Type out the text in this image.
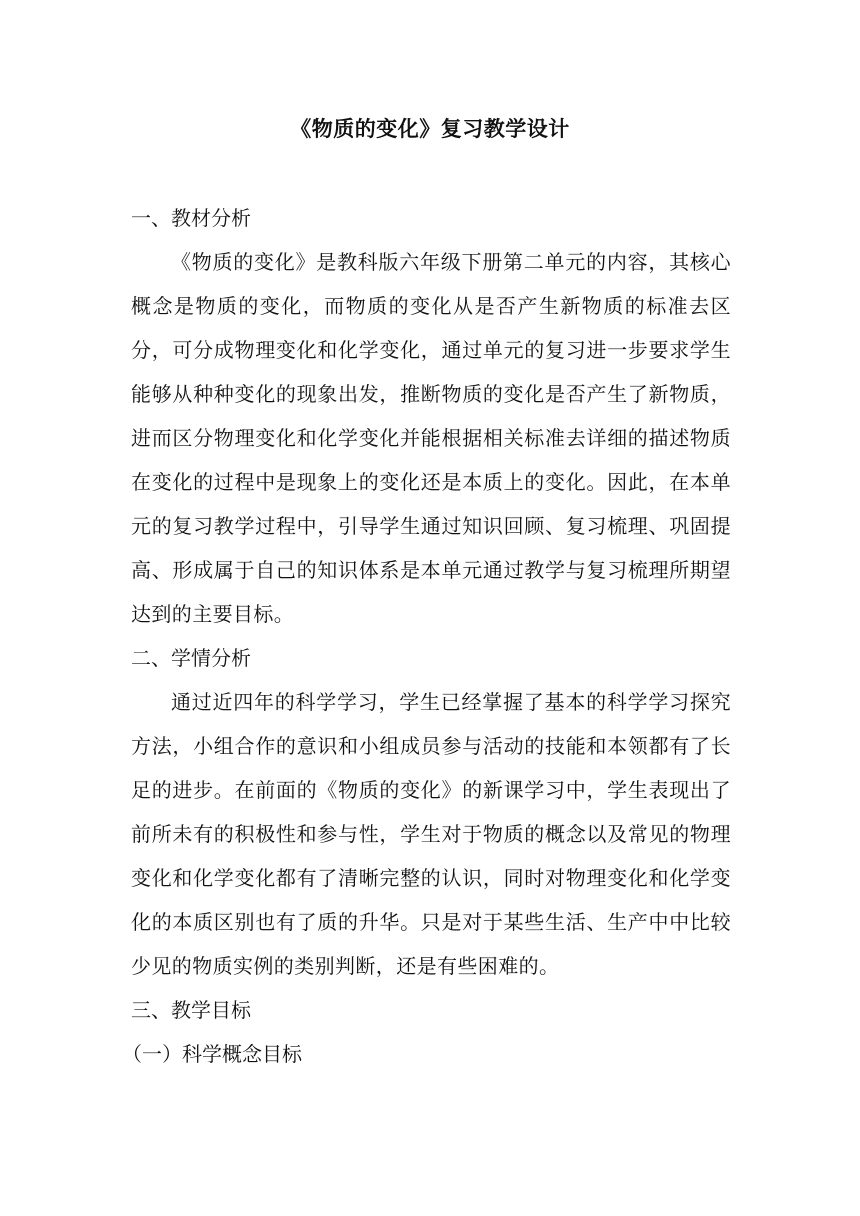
《物质的变化》复习教学设计

一、教材分析

《物质的变化》是教科版六年级下册第二单元的内容，其核心概念是物质的变化，而物质的变化从是否产生新物质的标准去区分，可分成物理变化和化学变化，通过单元的复习进一步要求学生能够从种种变化的现象出发，推断物质的变化是否产生了新物质，进而区分物理变化和化学变化并能根据相关标准去详细的描述物质在变化的过程中是现象上的变化还是本质上的变化。因此，在本单元的复习教学过程中，引导学生通过知识回顾、复习梳理、巩固提高、形成属于自己的知识体系是本单元通过教学与复习梳理所期望达到的主要目标。

二、学情分析

通过近四年的科学学习，学生已经掌握了基本的科学学习探究方法，小组合作的意识和小组成员参与活动的技能和本领都有了长足的进步。在前面的《物质的变化》的新课学习中，学生表现出了前所未有的积极性和参与性，学生对于物质的概念以及常见的物理变化和化学变化都有了清晰完整的认识，同时对物理变化和化学变化的本质区别也有了质的升华。只是对于某些生活、生产中中比较少见的物质实例的类别判断，还是有些困难的。

三、教学目标

（一）科学概念目标
